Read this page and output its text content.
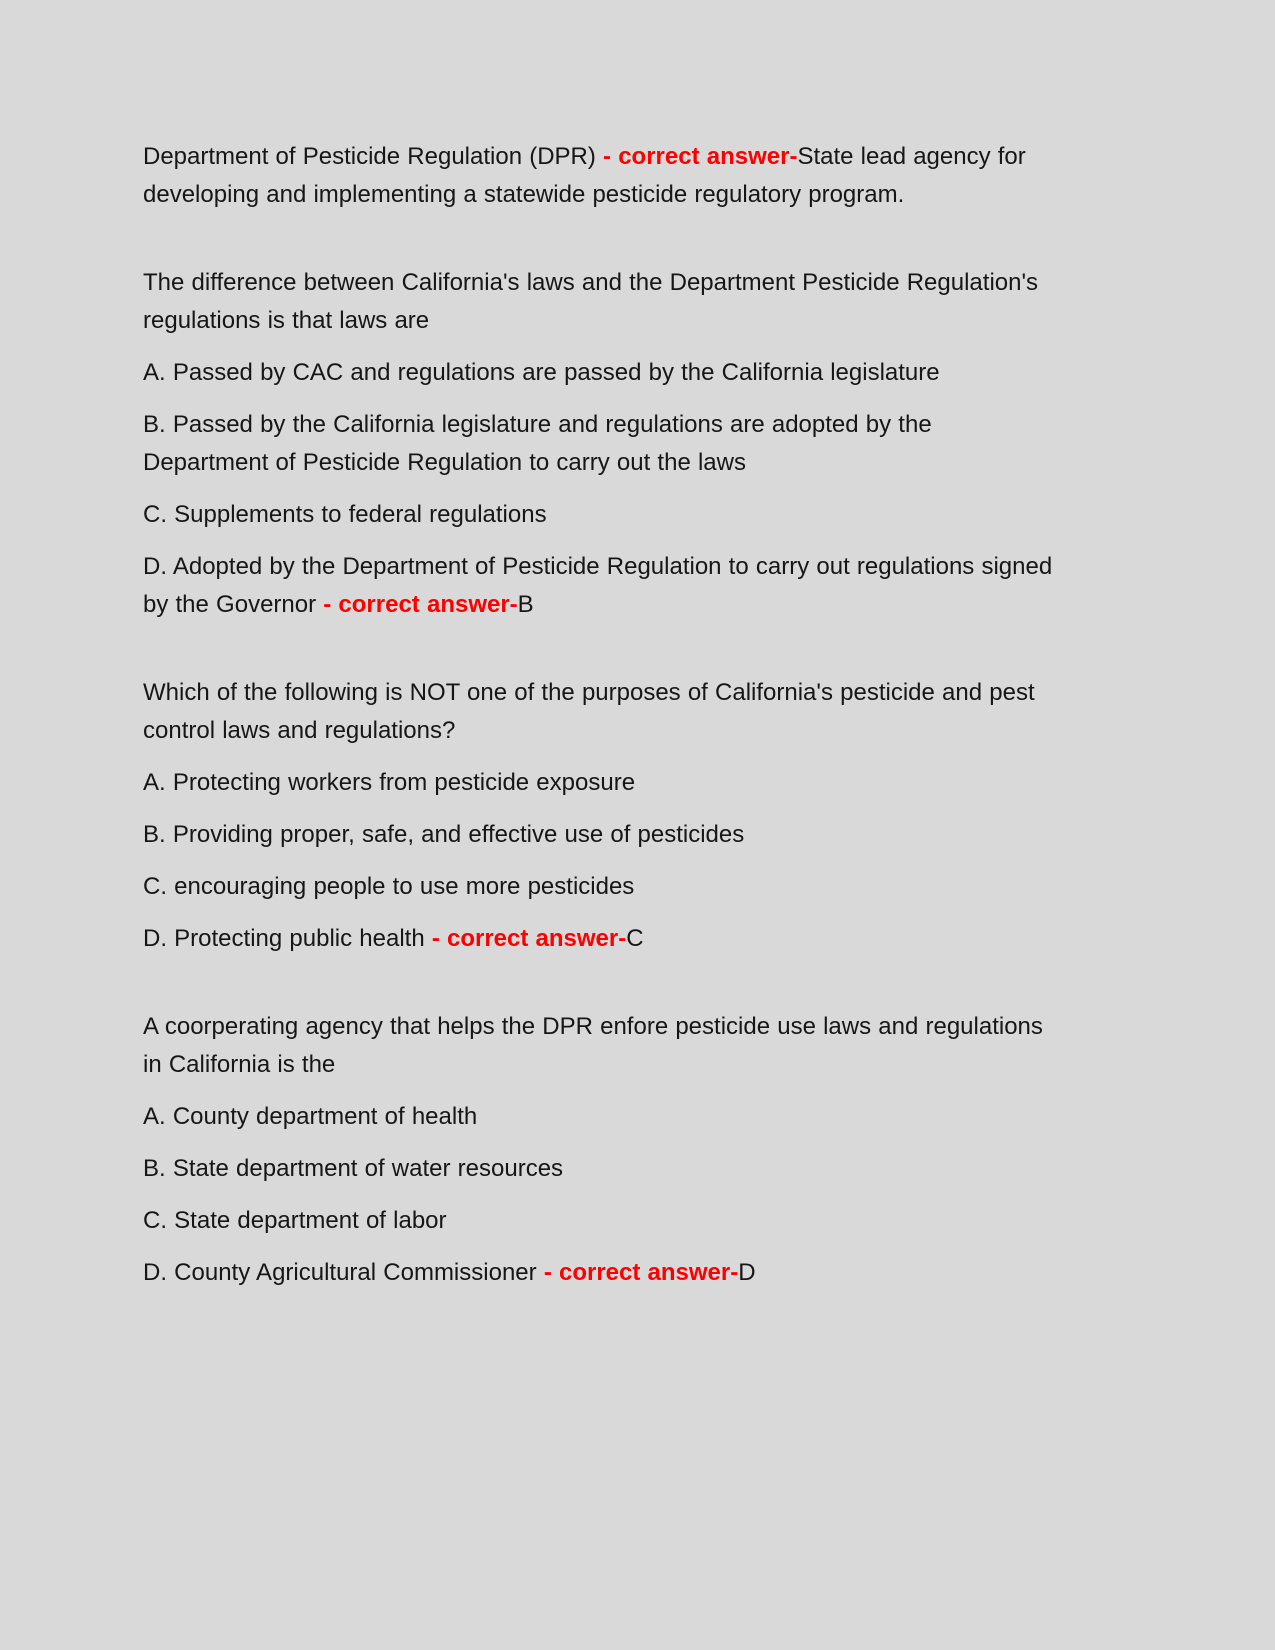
Department of Pesticide Regulation (DPR) - correct answer-State lead agency for developing and implementing a statewide pesticide regulatory program.

The difference between California's laws and the Department Pesticide Regulation's regulations is that laws are

A. Passed by CAC and regulations are passed by the California legislature

B. Passed by the California legislature and regulations are adopted by the Department of Pesticide Regulation to carry out the laws

C. Supplements to federal regulations

D. Adopted by the Department of Pesticide Regulation to carry out regulations signed by the Governor - correct answer-B

Which of the following is NOT one of the purposes of California's pesticide and pest control laws and regulations?

A. Protecting workers from pesticide exposure

B. Providing proper, safe, and effective use of pesticides

C. encouraging people to use more pesticides

D. Protecting public health - correct answer-C

A coorperating agency that helps the DPR enfore pesticide use laws and regulations in California is the

A. County department of health

B. State department of water resources

C. State department of labor

D. County Agricultural Commissioner - correct answer-D
